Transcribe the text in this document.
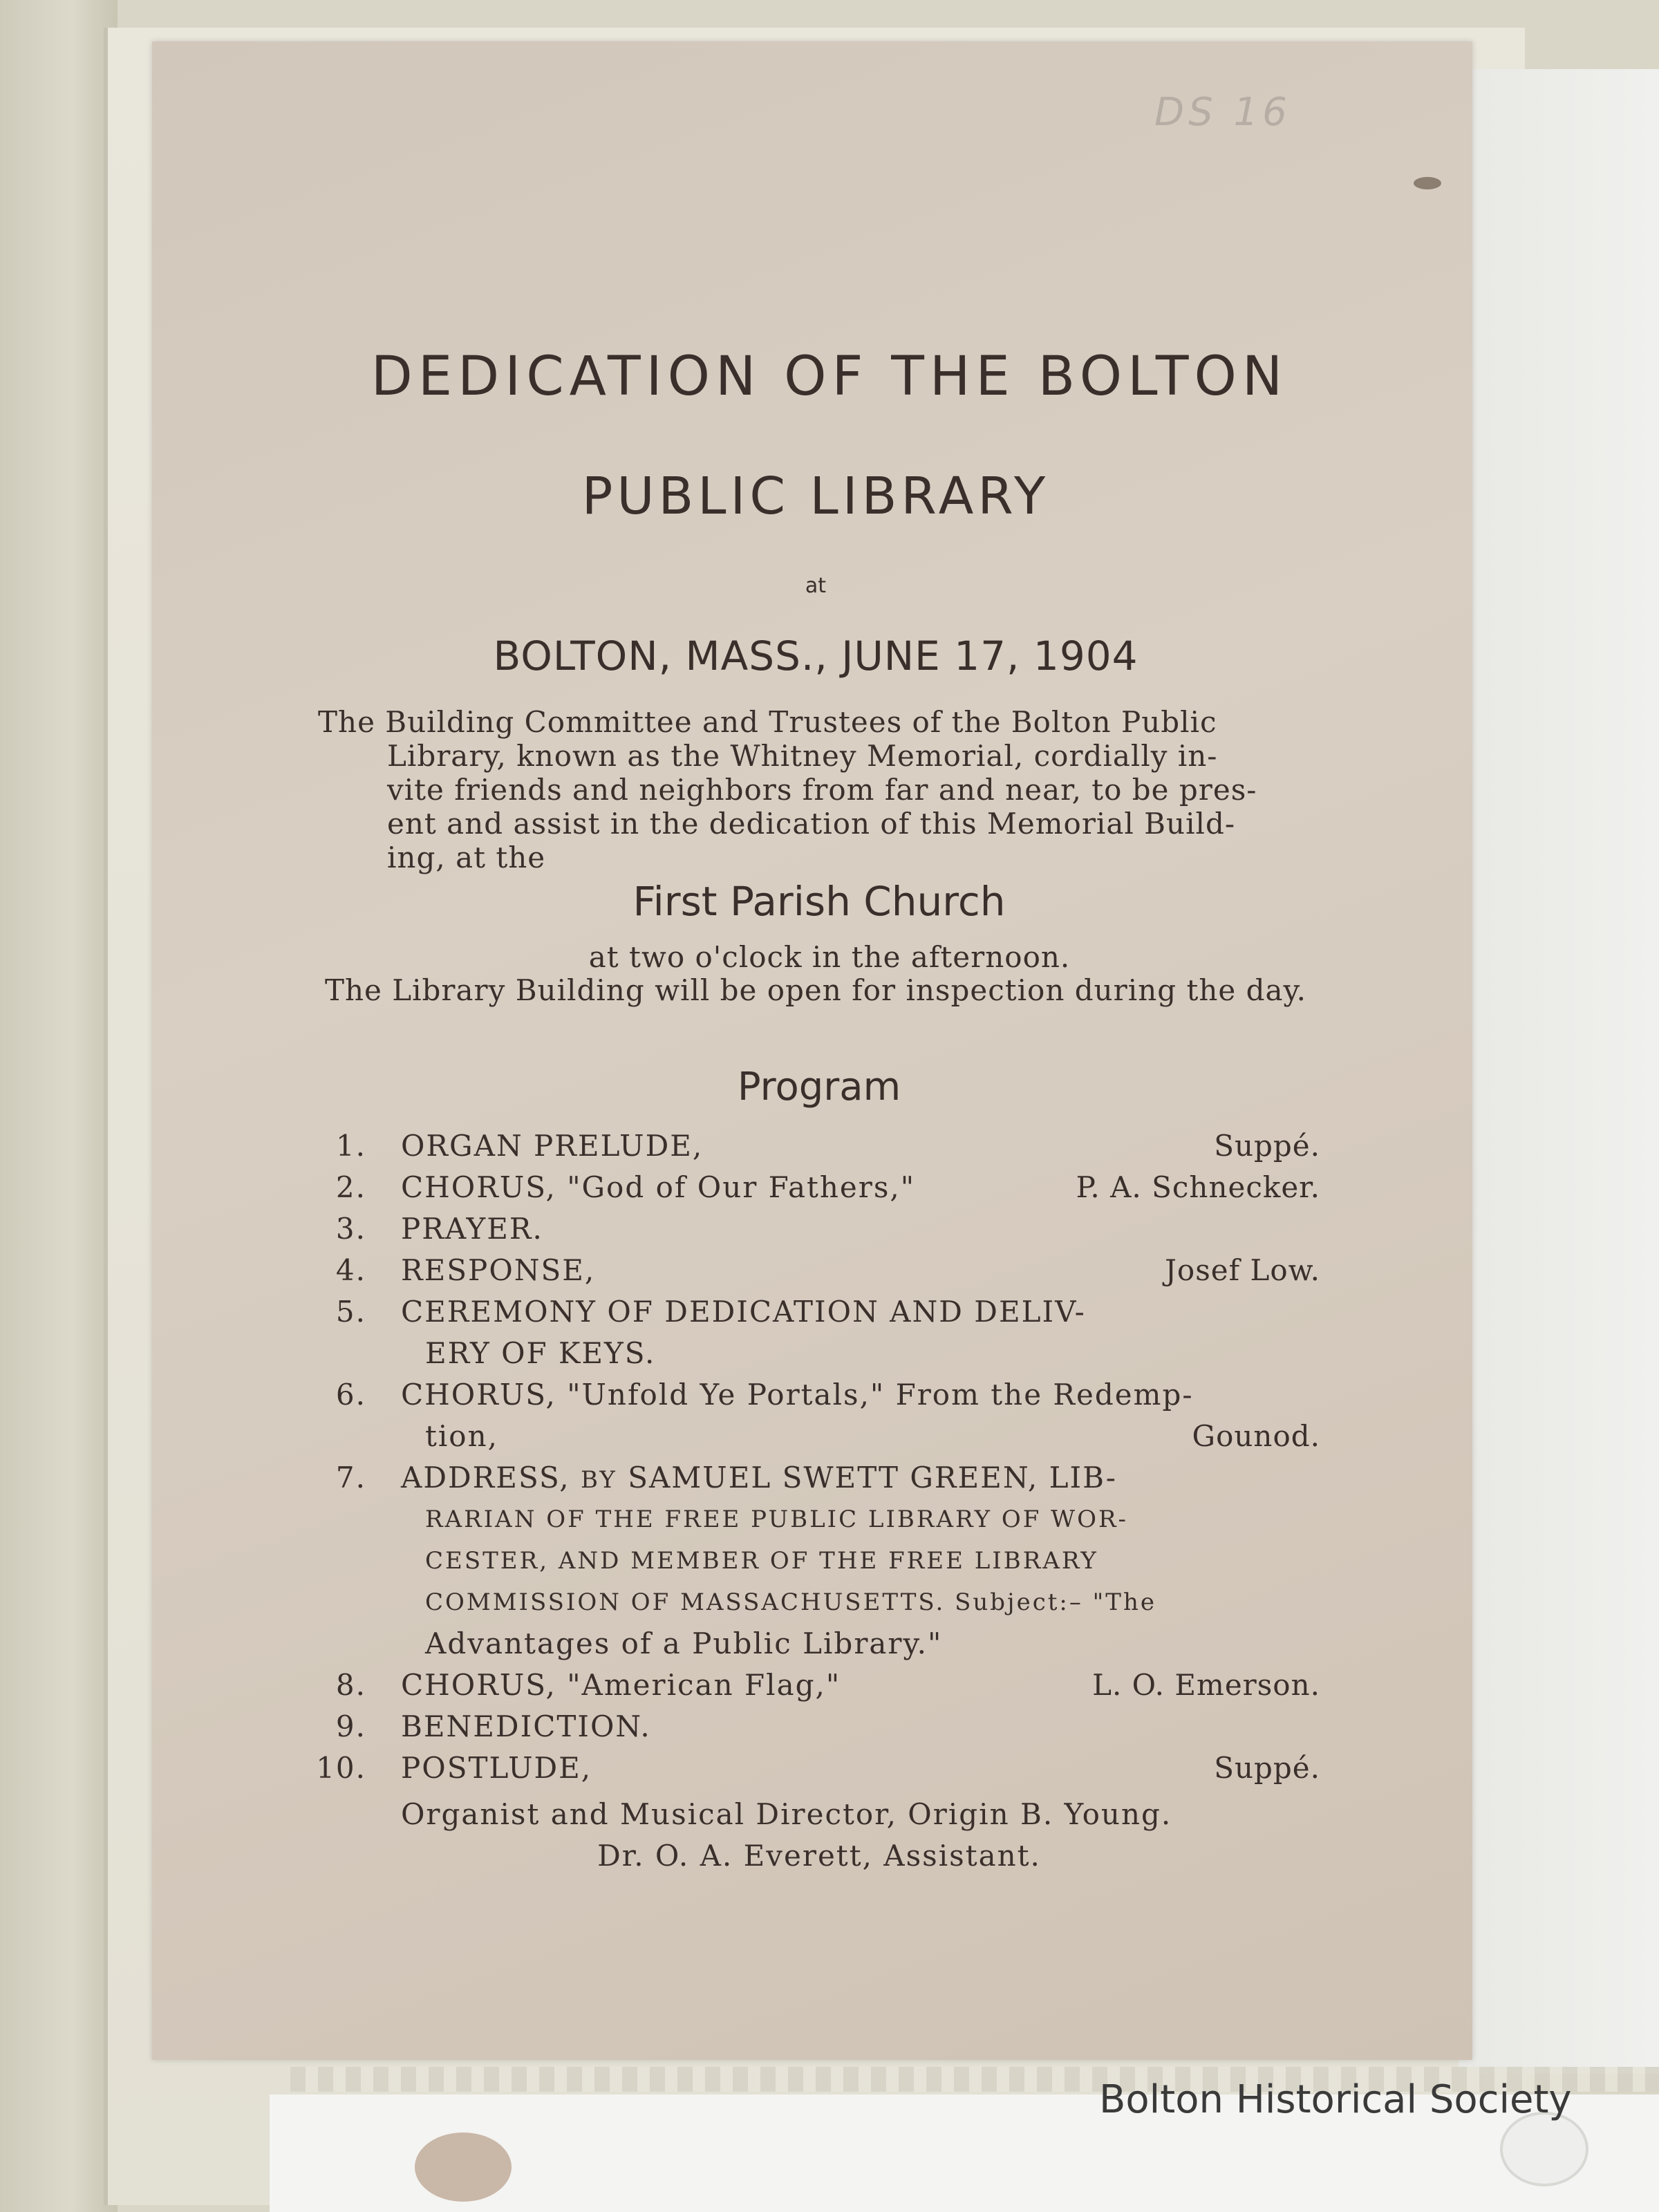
DS 16
DEDICATION OF THE BOLTON
PUBLIC LIBRARY
at
BOLTON, MASS., JUNE 17, 1904
The Building Committee and Trustees of the Bolton Public
Library, known as the Whitney Memorial, cordially in-
vite friends and neighbors from far and near, to be pres-
ent and assist in the dedication of this Memorial Build-
ing, at the
First Parish Church
at two o'clock in the afternoon.
The Library Building will be open for inspection during the day.
Program
1. ORGAN PRELUDE,	Suppé.
2. CHORUS, "God of Our Fathers,"	P. A. Schnecker.
3. PRAYER.
4. RESPONSE,	Josef Low.
5. CEREMONY OF DEDICATION AND DELIV-
ERY OF KEYS.
6. CHORUS, "Unfold Ye Portals," From the Redemp-
tion,	Gounod.
7. ADDRESS, BY SAMUEL SWETT GREEN, LIB-
RARIAN OF THE FREE PUBLIC LIBRARY OF WOR-
CESTER, AND MEMBER OF THE FREE LIBRARY
COMMISSION OF MASSACHUSETTS. Subject:– "The
Advantages of a Public Library."
8. CHORUS, "American Flag,"	L. O. Emerson.
9. BENEDICTION.
10. POSTLUDE,	Suppé.
Organist and Musical Director, Origin B. Young.
Dr. O. A. Everett, Assistant.
Bolton Historical Society
